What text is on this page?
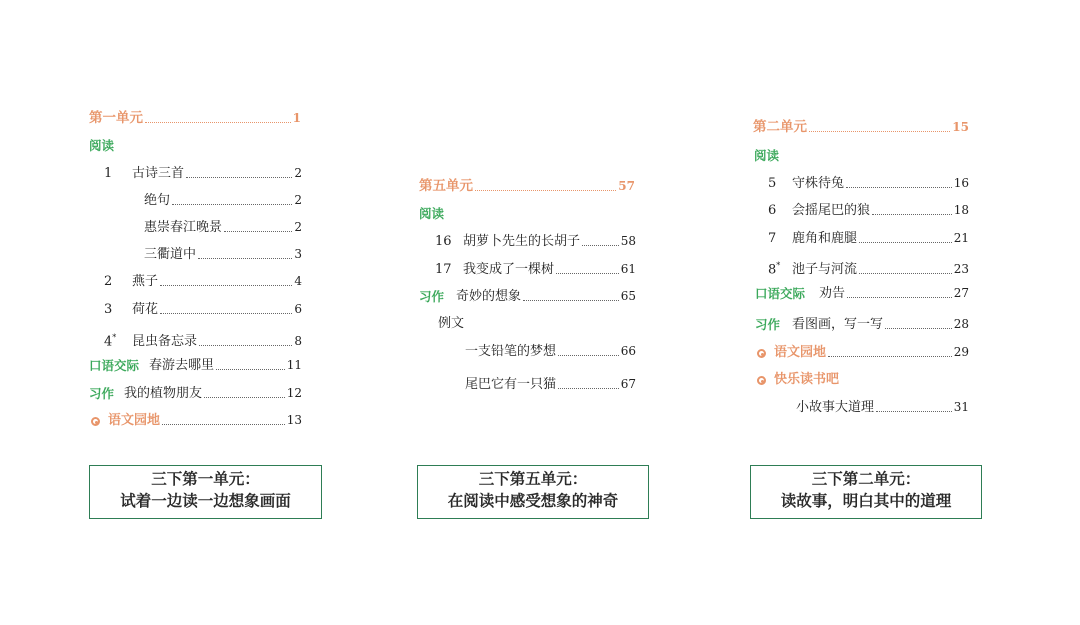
第一单元	1
阅读
1	古诗三首	2
绝句	2
惠崇春江晚景	2
三衢道中	3
2	燕子	4
3	荷花	6
4*	昆虫备忘录	8
口语交际 春游去哪里	11
习作 我的植物朋友	12
语文园地	13
三下第一单元：
试着一边读一边想象画面
第五单元	57
阅读
16 胡萝卜先生的长胡子	58
17 我变成了一棵树	61
习作 奇妙的想象	65
例文
一支铅笔的梦想	66
尾巴它有一只猫	67
三下第五单元：
在阅读中感受想象的神奇
第二单元	15
阅读
5	守株待兔	16
6	会摇尾巴的狼	18
7	鹿角和鹿腿	21
8* 池子与河流	23
口语交际 劝告	27
习作 看图画，写一写	28
语文园地	29
快乐读书吧
小故事大道理	31
三下第二单元：
读故事，明白其中的道理
